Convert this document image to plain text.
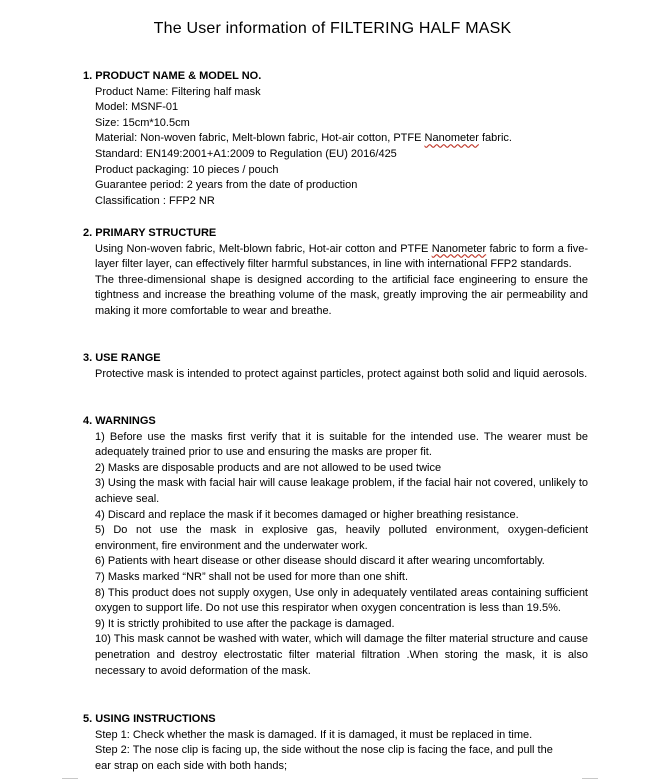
The User information of FILTERING HALF MASK
1. PRODUCT NAME & MODEL NO.
Product Name: Filtering half mask
Model: MSNF-01
Size: 15cm*10.5cm
Material: Non-woven fabric, Melt-blown fabric, Hot-air cotton, PTFE Nanometer fabric.
Standard: EN149:2001+A1:2009 to Regulation (EU) 2016/425
Product packaging: 10 pieces / pouch
Guarantee period: 2 years from the date of production
Classification : FFP2 NR
2. PRIMARY STRUCTURE
Using Non-woven fabric, Melt-blown fabric, Hot-air cotton and PTFE Nanometer fabric to form a five-layer filter layer, can effectively filter harmful substances, in line with international FFP2 standards.
The three-dimensional shape is designed according to the artificial face engineering to ensure the tightness and increase the breathing volume of the mask, greatly improving the air permeability and making it more comfortable to wear and breathe.
3. USE RANGE
Protective mask is intended to protect against particles, protect against both solid and liquid aerosols.
4. WARNINGS
1) Before use the masks first verify that it is suitable for the intended use. The wearer must be adequately trained prior to use and ensuring the masks are proper fit.
2) Masks are disposable products and are not allowed to be used twice
3) Using the mask with facial hair will cause leakage problem, if the facial hair not covered, unlikely to achieve seal.
4) Discard and replace the mask if it becomes damaged or higher breathing resistance.
5) Do not use the mask in explosive gas, heavily polluted environment, oxygen-deficient environment, fire environment and the underwater work.
6) Patients with heart disease or other disease should discard it after wearing uncomfortably.
7) Masks marked “NR” shall not be used for more than one shift.
8) This product does not supply oxygen, Use only in adequately ventilated areas containing sufficient oxygen to support life. Do not use this respirator when oxygen concentration is less than 19.5%.
9) It is strictly prohibited to use after the package is damaged.
10) This mask cannot be washed with water, which will damage the filter material structure and cause penetration and destroy electrostatic filter material filtration .When storing the mask, it is also necessary to avoid deformation of the mask.
5. USING INSTRUCTIONS
Step 1: Check whether the mask is damaged. If it is damaged, it must be replaced in time.
Step 2: The nose clip is facing up, the side without the nose clip is facing the face, and pull the
ear strap on each side with both hands;
